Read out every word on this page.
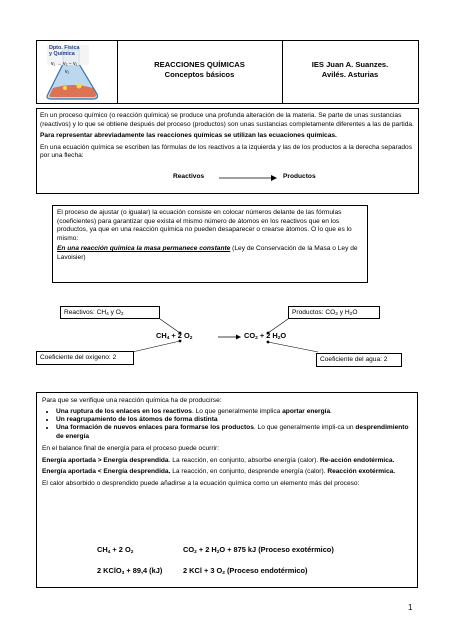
Dpto. Física
y Química
v₁ → v₂ − v₁
v₂
REACCIONES QUÍMICAS
Conceptos básicos
IES Juan A. Suanzes.
Avilés. Asturias

En un proceso químico (o reacción química) se produce una profunda alteración de la materia. Se parte de unas sustancias (reactivos) y lo que se obtiene después del proceso (productos) son unas sustancias completamente diferentes a las de partida.

Para representar abreviadamente las reacciones químicas se utilizan las ecuaciones químicas.

En una ecuación química se escriben las fórmulas de los reactivos a la izquierda y las de los productos a la derecha separados por una flecha:

Reactivos	Productos

El proceso de ajustar (o igualar) la ecuación consiste en colocar números delante de las fórmulas (coeficientes) para garantizar que exista el mismo número de átomos en los reactivos que en los productos, ya que en una reacción química no pueden desaparecer o crearse átomos. O lo que es lo mismo:

En una reacción química la masa permanece constante (Ley de Conservación de la Masa o Ley de Lavoisier)

Reactivos: $CH_4$ y $O_2$	Productos: $CO_2$ y $H_2O$
$CH_4 + 2$ $O_2$	$CO_2 + 2$ $H_2O$
Coeficiente del oxígeno: 2	Coeficiente del agua: 2

Para que se verifique una reacción química ha de producirse:

• Una ruptura de los enlaces en los reactivos. Lo que generalmente implica aportar energía.
• Un reagrupamiento de los átomos de forma distinta
• Una formación de nuevos enlaces para formarse los productos. Lo que generalmente impli-ca un desprendimiento de energía

En el balance final de energía para el proceso puede ocurrir:

Energía aportada > Energía desprendida. La reacción, en conjunto, absorbe energía (calor). Re-acción endotérmica.

Energía aportada < Energía desprendida. La reacción, en conjunto, desprende energía (calor). Reacción exotérmica.

El calor absorbido o desprendido puede añadirse a la ecuación química como un elemento más del proceso:

$CH_4 + 2$ $O_2$	$CO_2 + 2$ $H_2O + 875$ kJ (Proceso exotérmico)
2 KClO$_3$ + 89,4 (kJ)	2 KCl + 3 $O_2$ (Proceso endotérmico)
1
